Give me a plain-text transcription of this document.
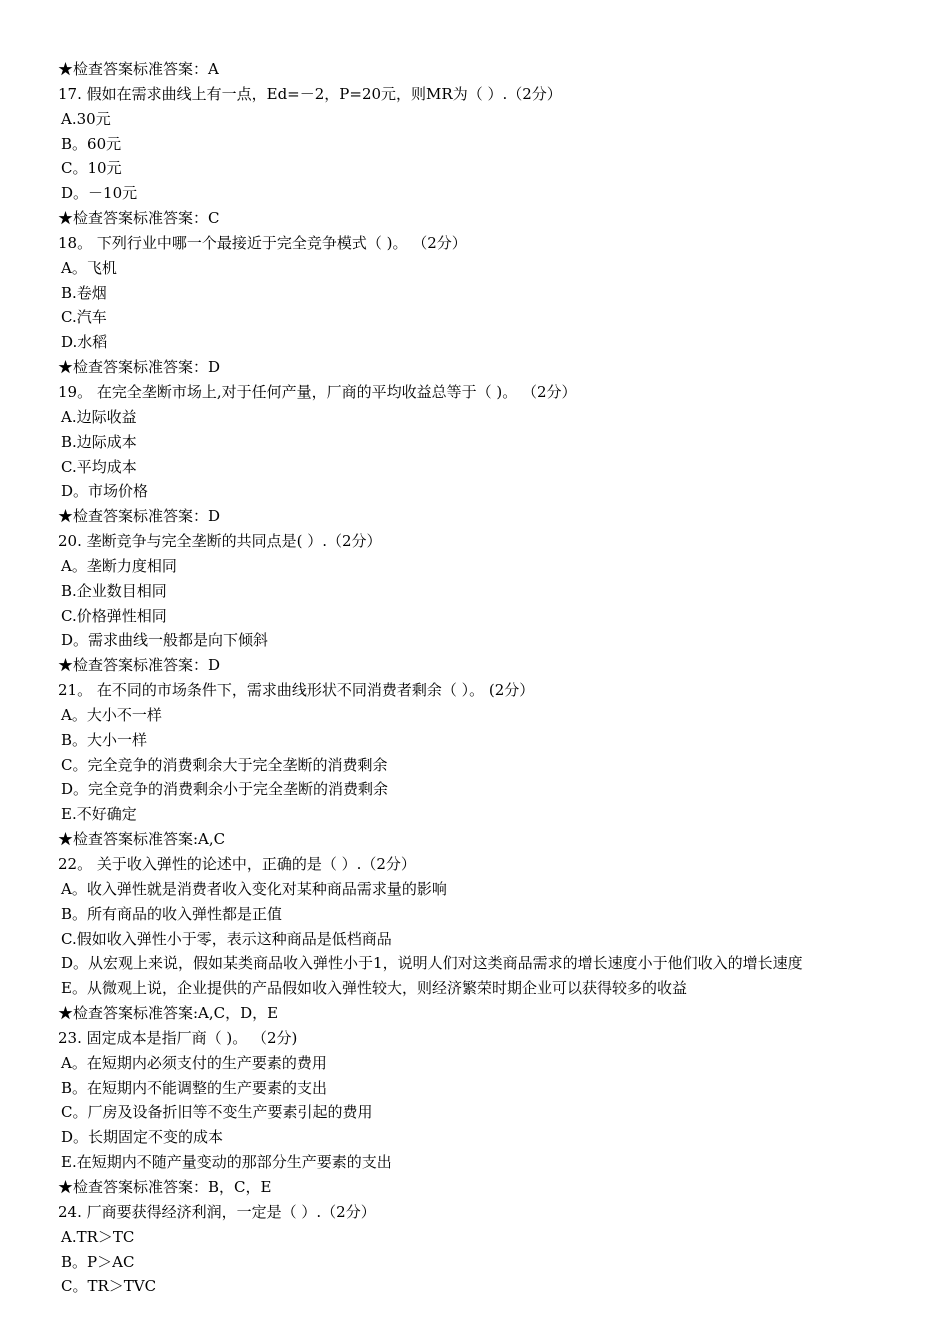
★检查答案标准答案：A
17. 假如在需求曲线上有一点，Ed=－2，P=20元，则MR为（ ）.（2分）
A.30元
B。60元
C。10元
D。－10元
★检查答案标准答案：C
18。 下列行业中哪一个最接近于完全竞争模式（ )。 （2分）
A。飞机
B.卷烟
C.汽车
D.水稻
★检查答案标准答案：D
19。 在完全垄断市场上,对于任何产量，厂商的平均收益总等于（ )。 （2分）
A.边际收益
B.边际成本
C.平均成本
D。市场价格
★检查答案标准答案：D
20. 垄断竞争与完全垄断的共同点是( ）.（2分）
A。垄断力度相同
B.企业数目相同
C.价格弹性相同
D。需求曲线一般都是向下倾斜
★检查答案标准答案：D
21。 在不同的市场条件下，需求曲线形状不同消费者剩余（ ）。 (2分）
A。大小不一样
B。大小一样
C。完全竞争的消费剩余大于完全垄断的消费剩余
D。完全竞争的消费剩余小于完全垄断的消费剩余
E.不好确定
★检查答案标准答案:A,C
22。 关于收入弹性的论述中，正确的是（ ）.（2分）
A。收入弹性就是消费者收入变化对某种商品需求量的影响
B。所有商品的收入弹性都是正值
C.假如收入弹性小于零，表示这种商品是低档商品
D。从宏观上来说，假如某类商品收入弹性小于1，说明人们对这类商品需求的增长速度小于他们收入的增长速度
E。从微观上说，企业提供的产品假如收入弹性较大，则经济繁荣时期企业可以获得较多的收益
★检查答案标准答案:A,C，D，E
23. 固定成本是指厂商（ )。 （2分)
A。在短期内必须支付的生产要素的费用
B。在短期内不能调整的生产要素的支出
C。厂房及设备折旧等不变生产要素引起的费用
D。长期固定不变的成本
E.在短期内不随产量变动的那部分生产要素的支出
★检查答案标准答案：B，C，E
24. 厂商要获得经济利润，一定是（ ）.（2分）
A.TR＞TC
B。P＞AC
C。TR＞TVC
